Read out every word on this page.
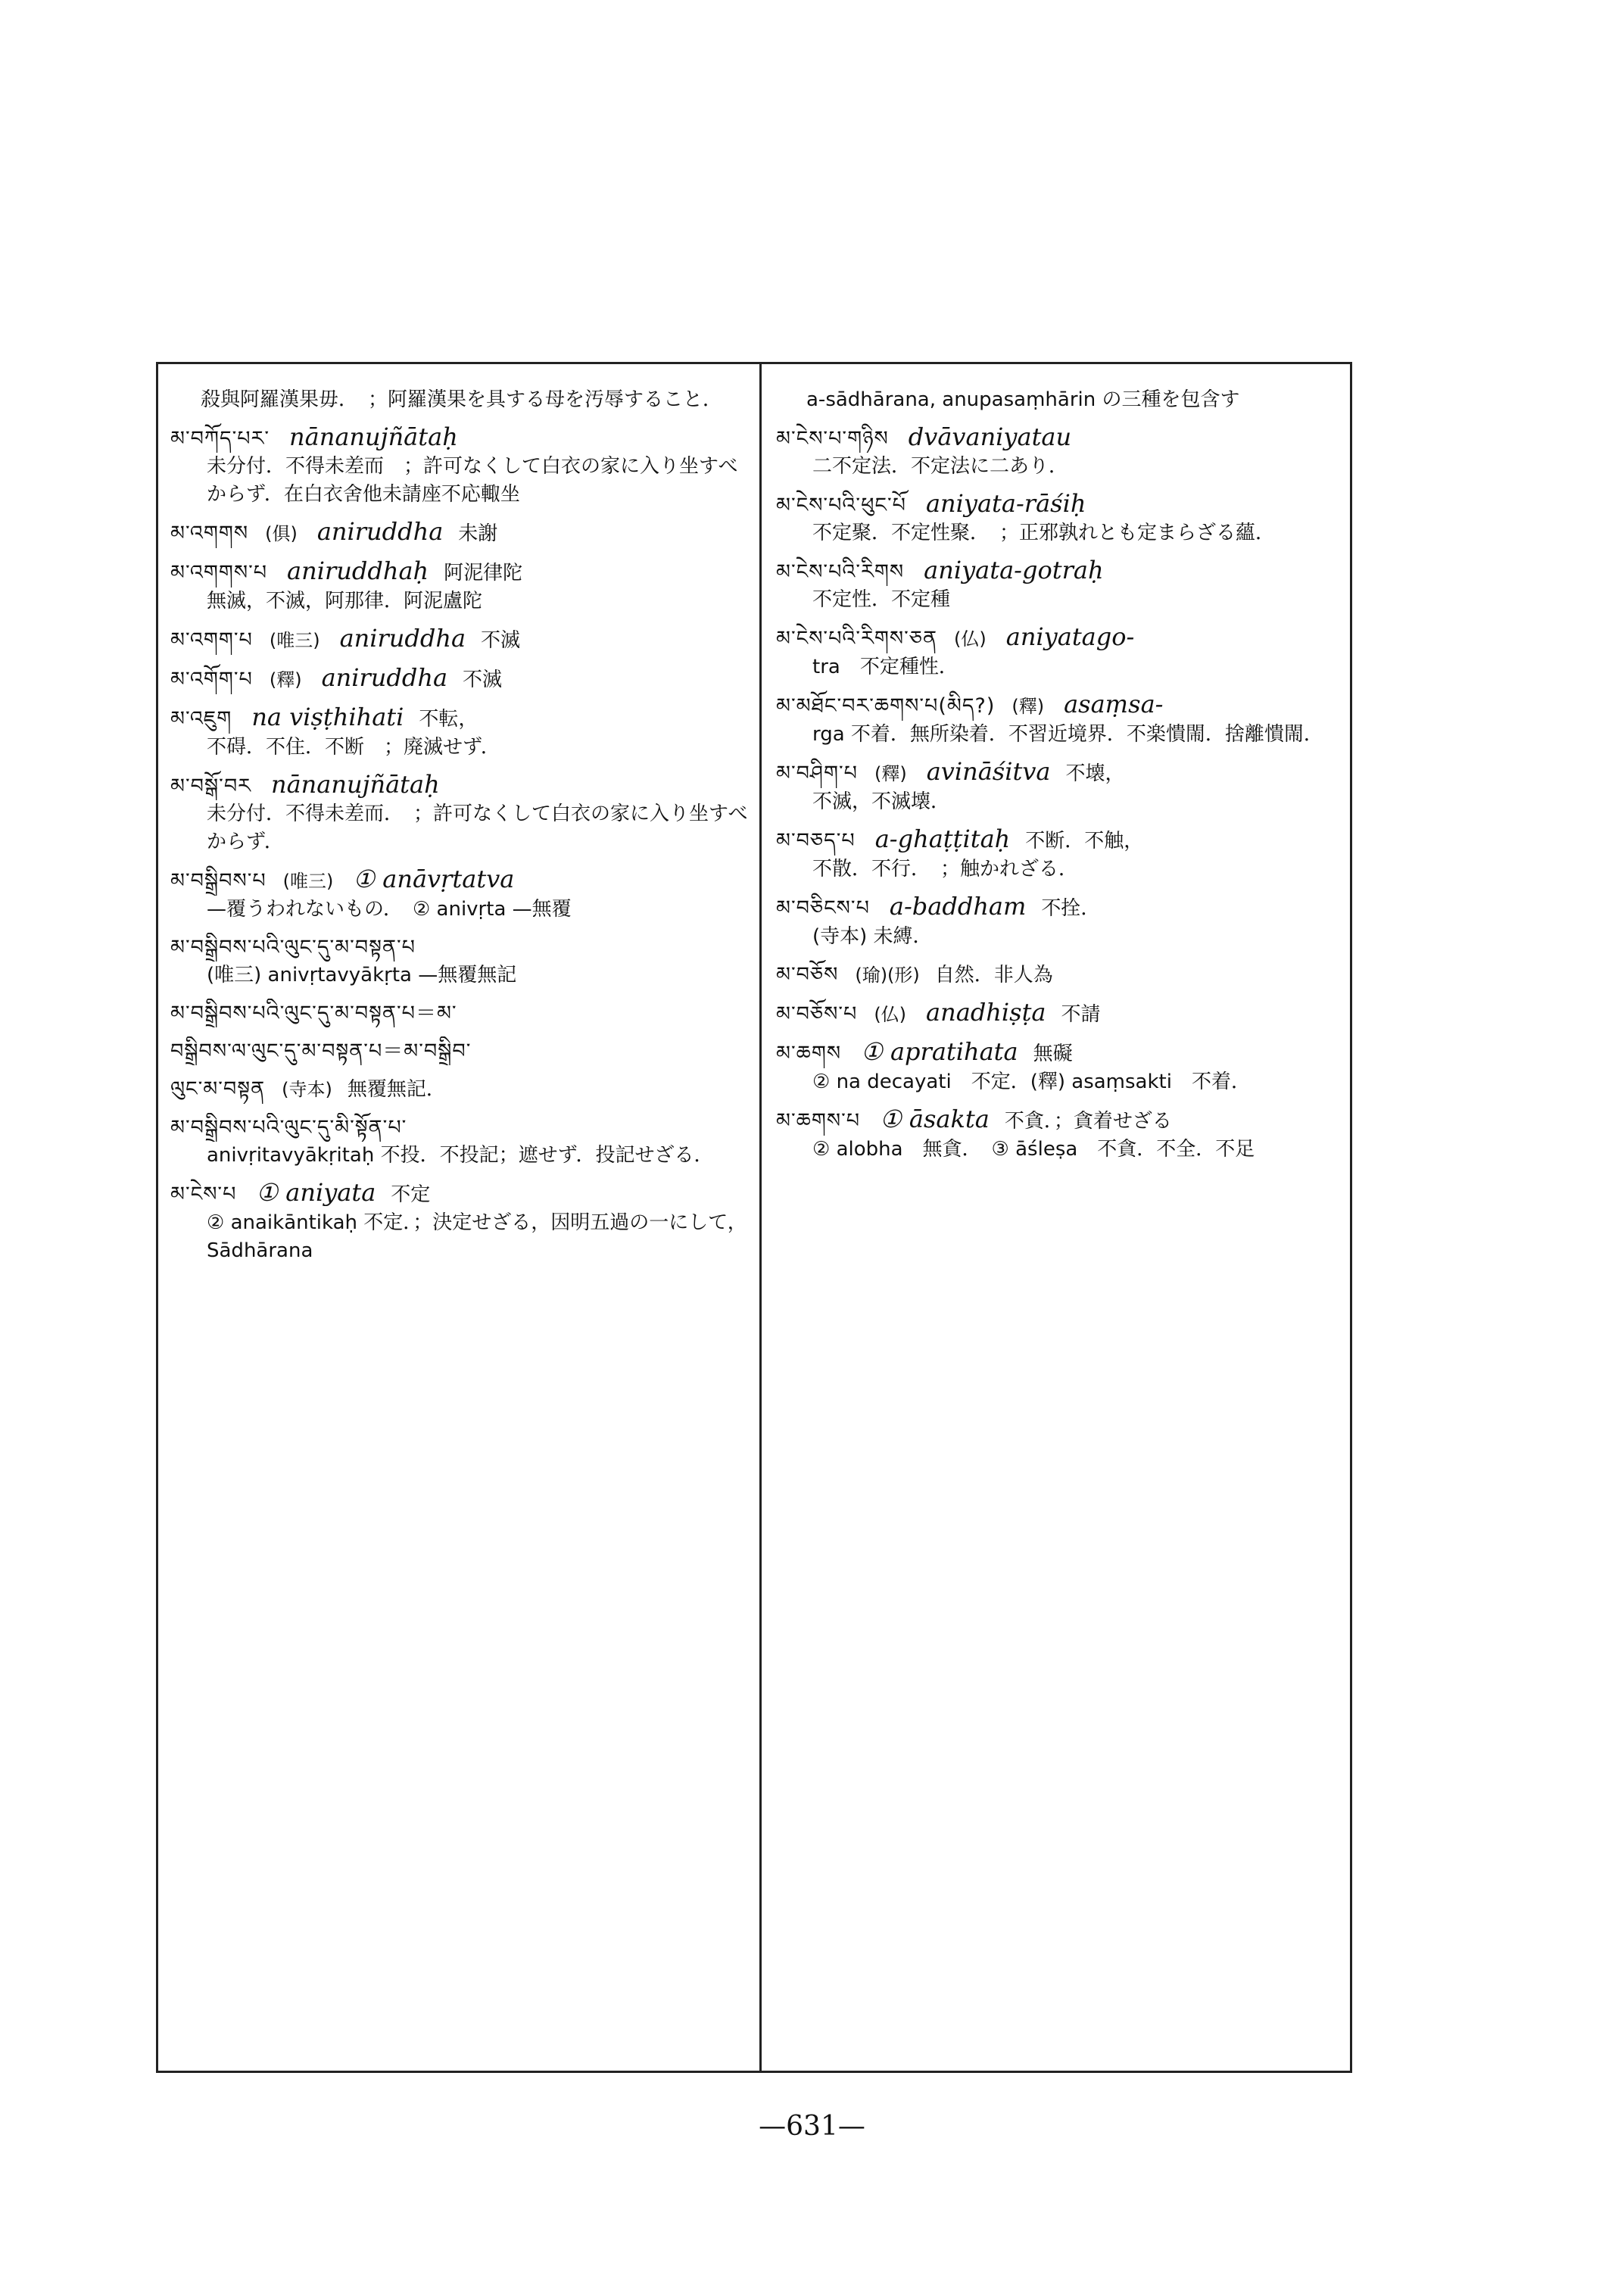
殺與阿羅漢果毋．　；阿羅漢果を具する母を汚辱すること．
མ་བཀོད་པར་ nānanujñātaḥ
未分付．不得未差而　；許可なくして白衣の家に入り坐すべからず．在白衣舍他未請座不応輙坐
མ་འགགས (俱) aniruddha 未謝
མ་འགགས་པ aniruddhaḥ 阿泥律陀
無滅，不滅，阿那律．阿泥盧陀
མ་འགག་པ (唯三) aniruddha 不滅
མ་འགོག་པ (釋) aniruddha 不滅
མ་འཇུག na viṣṭhihati 不転，
不碍．不住．不断　；廃滅せず．
མ་བསྒོ་བར nānanujñātaḥ
未分付．不得未差而．　；許可なくして白衣の家に入り坐すべからず．
མ་བསྒྲིབས་པ (唯三) ① anāvṛtatva
—覆うわれないもの．　② anivṛta —無覆
མ་བསྒྲིབས་པའི་ལུང་དུ་མ་བསྟན་པ
(唯三) anivṛtavyākṛta —無覆無記
མ་བསྒྲིབས་པའི་ལུང་དུ་མ་བསྟན་པ＝མ་
བསྒྲིབས་ལ་ལུང་དུ་མ་བསྟན་པ＝མ་བསྒྲིབ་
ལུང་མ་བསྟན (寺本) 無覆無記．
མ་བསྒྲིབས་པའི་ལུང་དུ་མི་སྟོན་པ་
anivṛitavyākṛitaḥ 不投．不投記；遮せず．投記せざる．
མ་ངེས་པ ① aniyata 不定
② anaikāntikaḥ 不定．；決定せざる，因明五過の一にして，Sādhārana
a-sādhārana, anupasaṃhārin の三種を包含す
མ་ངེས་པ་གཉིས dvāvaniyatau
二不定法．不定法に二あり．
མ་ངེས་པའི་ཕུང་པོ aniyata-rāśiḥ
不定聚．不定性聚．　；正邪孰れとも定まらざる蘊．
མ་ངེས་པའི་རིགས aniyata-gotraḥ
不定性．不定種
མ་ངེས་པའི་རིགས་ཅན (仏) aniyatago-
tra　不定種性．
མ་མཐོང་བར་ཆགས་པ(མིད?) (釋) asaṃsa-
rga 不着．無所染着．不習近境界．不楽憒閙．捨離憒閙．
མ་བཤིག་པ (釋) avināśitva 不壊，
不滅，不滅壊．
མ་བཅད་པ a-ghaṭṭitaḥ 不断．不触，
不散．不行．　；触かれざる．
མ་བཅིངས་པ a-baddham 不拴．
(寺本) 未縛．
མ་བཅོས (瑜)(形) 自然．非人為
མ་བཅོས་པ (仏) anadhiṣṭa 不請
མ་ཆགས ① apratihata 無礙
② na decayati　不定．(釋) asaṃsakti　不着．
མ་ཆགས་པ ① āsakta 不貪．；貪着せざる
② alobha　無貪．　③ āśleṣa　不貪．不全．不足
—631—
